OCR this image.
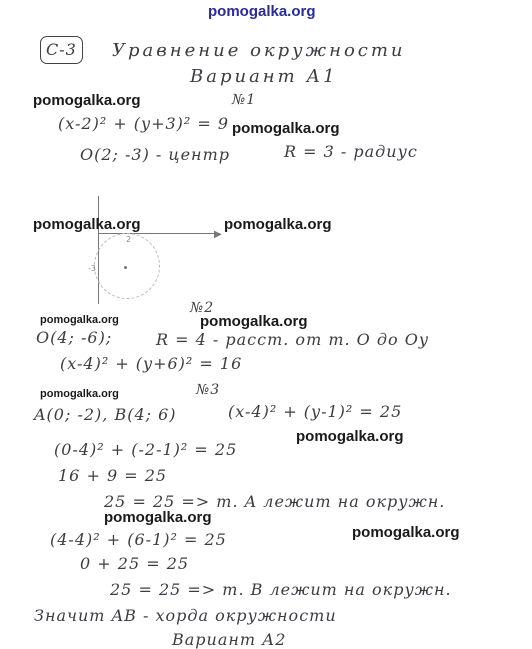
pomogalka.org
C-3	Уравнение окружности
Вариант А1
pomogalka.org	№1
(x-2)² + (y+3)² = 9 pomogalka.org
O(2; -3) - центр	R = 3 - радиус
▶
-3
2
pomogalka.org	pomogalka.org
№2
pomogalka.org	pomogalka.org
O(4; -6);	R = 4 - расст. от т. O до Oy
(x-4)² + (y+6)² = 16
pomogalka.org	№3
A(0; -2), B(4; 6)	(x-4)² + (y-1)² = 25
pomogalka.org
(0-4)² + (-2-1)² = 25
16 + 9 = 25
25 = 25 => т. A лежит на окружн.
pomogalka.org
pomogalka.org
(4-4)² + (6-1)² = 25
0 + 25 = 25
25 = 25 => т. B лежит на окружн.
Значит AB - хорда окружности
Вариант А2
